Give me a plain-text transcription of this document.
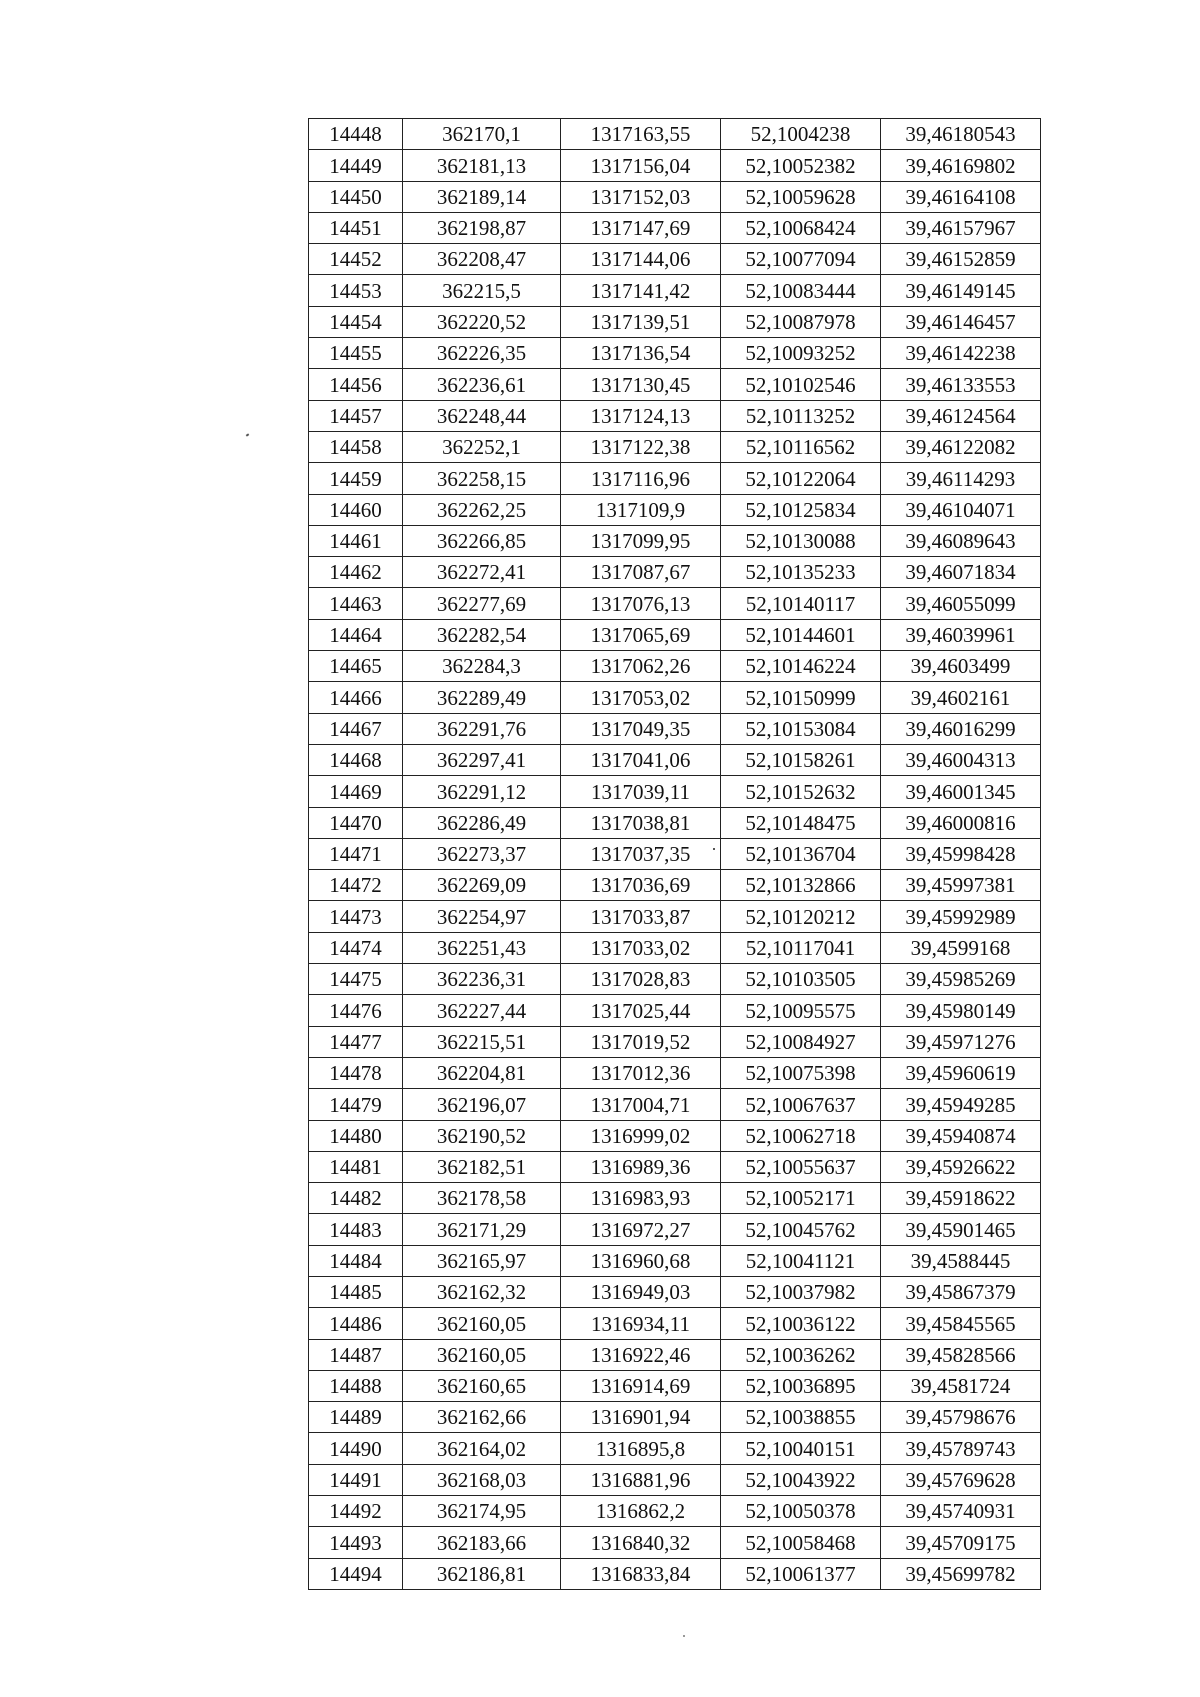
14448	362170,1	1317163,55	52,1004238	39,46180543
14449	362181,13	1317156,04	52,10052382	39,46169802
14450	362189,14	1317152,03	52,10059628	39,46164108
14451	362198,87	1317147,69	52,10068424	39,46157967
14452	362208,47	1317144,06	52,10077094	39,46152859
14453	362215,5	1317141,42	52,10083444	39,46149145
14454	362220,52	1317139,51	52,10087978	39,46146457
14455	362226,35	1317136,54	52,10093252	39,46142238
14456	362236,61	1317130,45	52,10102546	39,46133553
14457	362248,44	1317124,13	52,10113252	39,46124564
14458	362252,1	1317122,38	52,10116562	39,46122082
14459	362258,15	1317116,96	52,10122064	39,46114293
14460	362262,25	1317109,9	52,10125834	39,46104071
14461	362266,85	1317099,95	52,10130088	39,46089643
14462	362272,41	1317087,67	52,10135233	39,46071834
14463	362277,69	1317076,13	52,10140117	39,46055099
14464	362282,54	1317065,69	52,10144601	39,46039961
14465	362284,3	1317062,26	52,10146224	39,4603499
14466	362289,49	1317053,02	52,10150999	39,4602161
14467	362291,76	1317049,35	52,10153084	39,46016299
14468	362297,41	1317041,06	52,10158261	39,46004313
14469	362291,12	1317039,11	52,10152632	39,46001345
14470	362286,49	1317038,81	52,10148475	39,46000816
14471	362273,37	1317037,35	52,10136704	39,45998428
14472	362269,09	1317036,69	52,10132866	39,45997381
14473	362254,97	1317033,87	52,10120212	39,45992989
14474	362251,43	1317033,02	52,10117041	39,4599168
14475	362236,31	1317028,83	52,10103505	39,45985269
14476	362227,44	1317025,44	52,10095575	39,45980149
14477	362215,51	1317019,52	52,10084927	39,45971276
14478	362204,81	1317012,36	52,10075398	39,45960619
14479	362196,07	1317004,71	52,10067637	39,45949285
14480	362190,52	1316999,02	52,10062718	39,45940874
14481	362182,51	1316989,36	52,10055637	39,45926622
14482	362178,58	1316983,93	52,10052171	39,45918622
14483	362171,29	1316972,27	52,10045762	39,45901465
14484	362165,97	1316960,68	52,10041121	39,4588445
14485	362162,32	1316949,03	52,10037982	39,45867379
14486	362160,05	1316934,11	52,10036122	39,45845565
14487	362160,05	1316922,46	52,10036262	39,45828566
14488	362160,65	1316914,69	52,10036895	39,4581724
14489	362162,66	1316901,94	52,10038855	39,45798676
14490	362164,02	1316895,8	52,10040151	39,45789743
14491	362168,03	1316881,96	52,10043922	39,45769628
14492	362174,95	1316862,2	52,10050378	39,45740931
14493	362183,66	1316840,32	52,10058468	39,45709175
14494	362186,81	1316833,84	52,10061377	39,45699782
